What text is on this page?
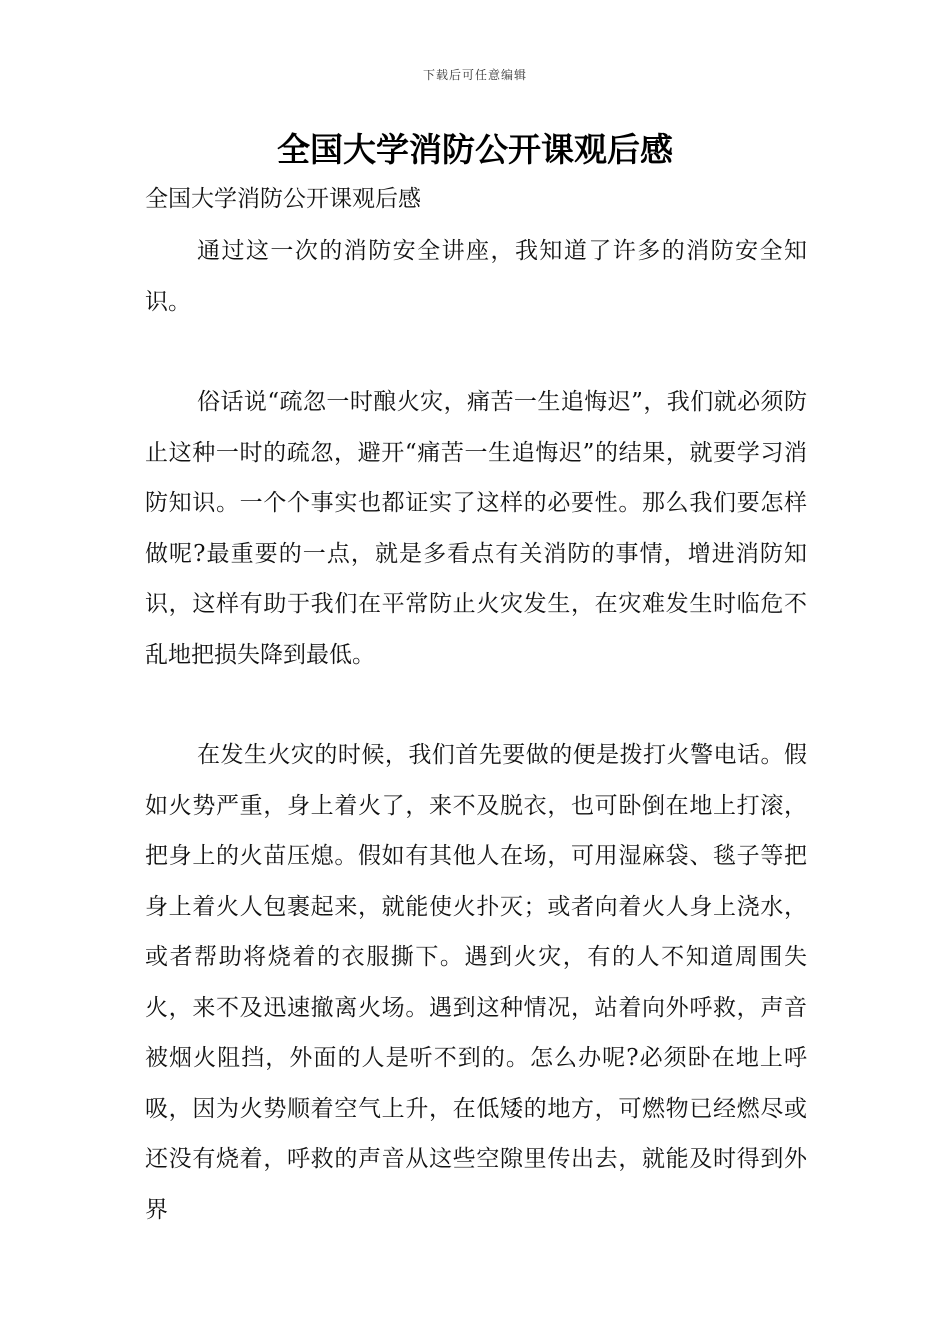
下载后可任意编辑
全国大学消防公开课观后感
全国大学消防公开课观后感

通过这一次的消防安全讲座，我知道了许多的消防安全知识。

俗话说“疏忽一时酿火灾，痛苦一生追悔迟”，我们就必须防止这种一时的疏忽，避开“痛苦一生追悔迟”的结果，就要学习消防知识。一个个事实也都证实了这样的必要性。那么我们要怎样做呢?最重要的一点，就是多看点有关消防的事情，增进消防知识，这样有助于我们在平常防止火灾发生，在灾难发生时临危不乱地把损失降到最低。

在发生火灾的时候，我们首先要做的便是拨打火警电话。假如火势严重，身上着火了，来不及脱衣，也可卧倒在地上打滚，把身上的火苗压熄。假如有其他人在场，可用湿麻袋、毯子等把身上着火人包裹起来，就能使火扑灭；或者向着火人身上浇水，或者帮助将烧着的衣服撕下。遇到火灾，有的人不知道周围失火，来不及迅速撤离火场。遇到这种情况，站着向外呼救，声音被烟火阻挡，外面的人是听不到的。怎么办呢?必须卧在地上呼吸，因为火势顺着空气上升，在低矮的地方，可燃物已经燃尽或还没有烧着，呼救的声音从这些空隙里传出去，就能及时得到外界
